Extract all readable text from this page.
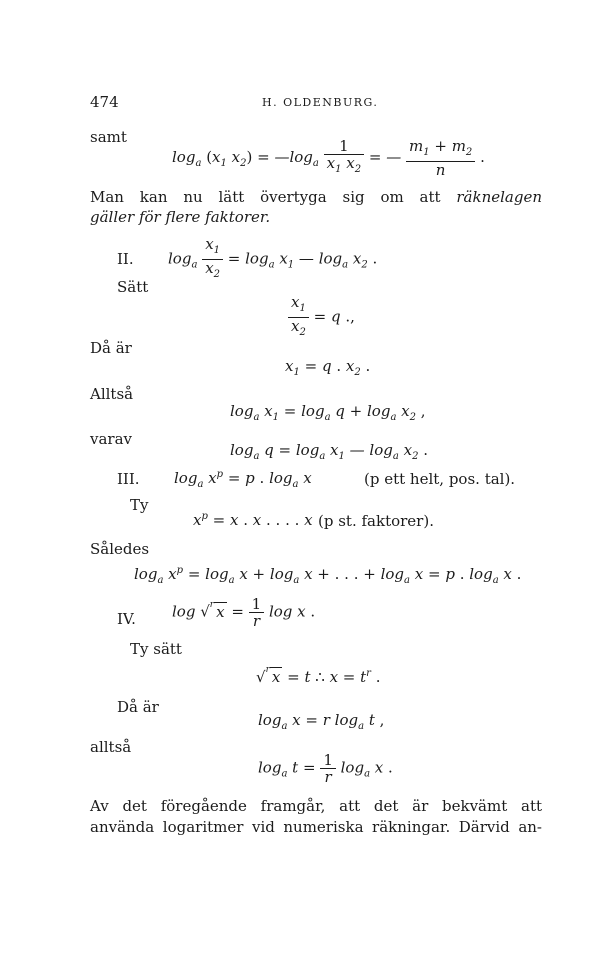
474	H. OLDENBURG.
samt
$\log_a (x_1$ $x_2$) = $—\log_a \frac{1}{x_1 x_2}$ = — $\frac{m_1 + m_2}{n}$ .
Man kan nu lätt övertyga sig om att räknelagen
gäller för flere faktorer.
II. $\log_a \frac{x_1}{x_2} = \log_a x_1$ — $\log_a x_2$ .
Sätt
$\frac{x_1}{x_2} = q$ .,
Då är
$x_1 = q$ . $x_2$ .
Alltså
$\log_a x_1 = \log_a q + \log_a x_2$ ,
varav
$\log_a q = \log_a x_1$ — $\log_a x_2$ .
III. $\log_a x^p = p$ . $\log_a x$	(p ett helt, pos. tal).
Ty
$x^p = x$ . x . . . . x (p st. faktorer).
Således
$\log_a x^p = \log_a x + \log_a x$ + . . . + $\log_a x = p$ . $\log_a x$ .
IV. log √$^r$ $x = \frac{1}{r}$ log x .
Ty sätt
√$^r$ x = t ∴ $x = t^r$ .
Då är
$\log_a x = r$ $\log_a t$ ,
alltså
$\log_a t = \frac{1}{r} \log_a x$ .
Av det föregående framgår, att det är bekvämt att
använda logaritmer vid numeriska räkningar. Därvid an-
